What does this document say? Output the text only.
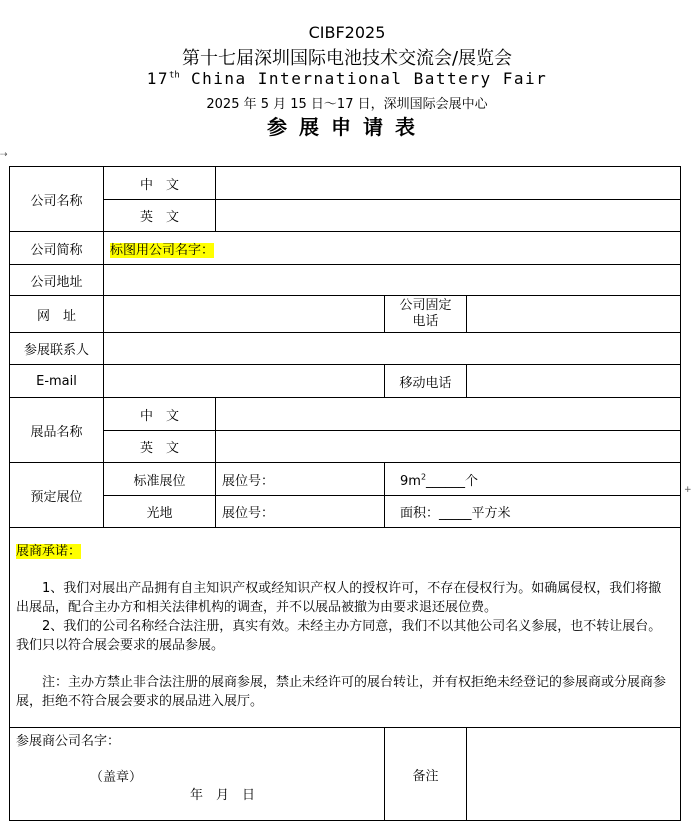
CIBF2025
第十七届深圳国际电池技术交流会/展览会
17th China International Battery Fair
2025 年 5 月 15 日～17 日，深圳国际会展中心
参展申请表
⇢
+
公司名称	中　文			
	英　文			
公司简称	标图用公司名字：			
公司地址				
网　址			公司固定电话	
参展联系人				
E-mail			移动电话	
展品名称	中　文			
	英　文			
预定展位	标准展位	展位号：	$9m^2\_\_\_\_\_\_$个	
	光地	展位号：	面积：_____平方米	

展商承诺：

1、我们对展出产品拥有自主知识产权或经知识产权人的授权许可，不存在侵权行为。如确属侵权，我们将撤出展品，配合主办方和相关法律机构的调查，并不以展品被撤为由要求退还展位费。

2、我们的公司名称经合法注册，真实有效。未经主办方同意，我们不以其他公司名义参展，也不转让展台。我们只以符合展会要求的展品参展。

注：主办方禁止非合法注册的展商参展，禁止未经许可的展台转让，并有权拒绝未经登记的参展商或分展商参展，拒绝不符合展会要求的展品进入展厅。				

参展商公司名字：
（盖章）
年　月　日			备注	
